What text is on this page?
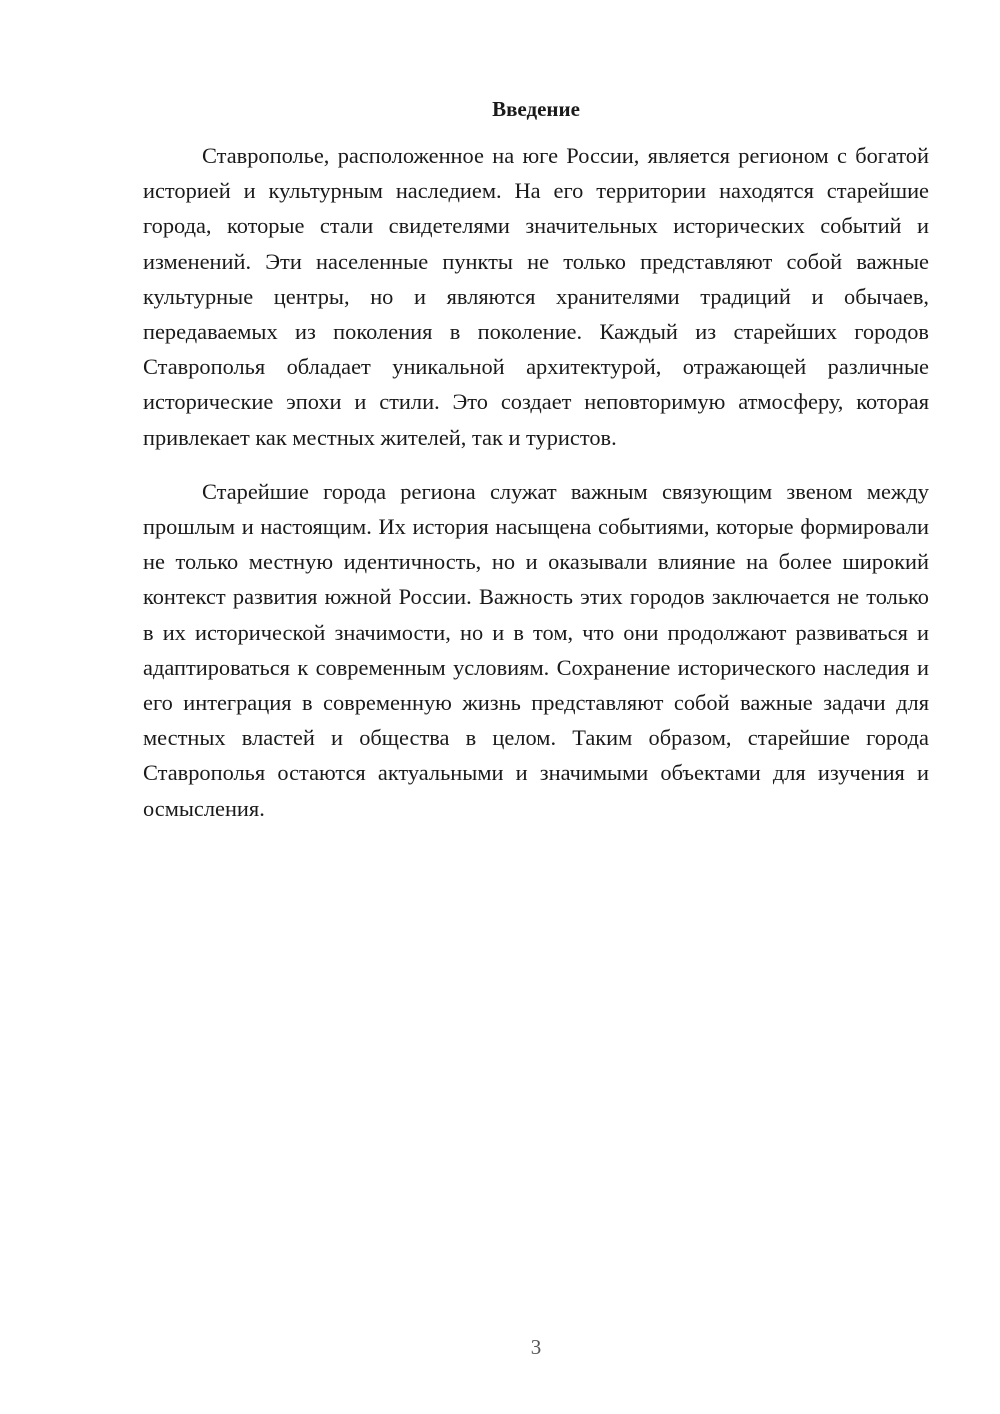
Введение

Ставрополье, расположенное на юге России, является регионом с богатой историей и культурным наследием. На его территории находятся старейшие города, которые стали свидетелями значительных исторических событий и изменений. Эти населенные пункты не только представляют собой важные культурные центры, но и являются хранителями традиций и обычаев, передаваемых из поколения в поколение. Каждый из старейших городов Ставрополья обладает уникальной архитектурой, отражающей различные исторические эпохи и стили. Это создает неповторимую атмосферу, которая привлекает как местных жителей, так и туристов.

Старейшие города региона служат важным связующим звеном между прошлым и настоящим. Их история насыщена событиями, которые формировали не только местную идентичность, но и оказывали влияние на более широкий контекст развития южной России. Важность этих городов заключается не только в их исторической значимости, но и в том, что они продолжают развиваться и адаптироваться к современным условиям. Сохранение исторического наследия и его интеграция в современную жизнь представляют собой важные задачи для местных властей и общества в целом. Таким образом, старейшие города Ставрополья остаются актуальными и значимыми объектами для изучения и осмысления.

3
